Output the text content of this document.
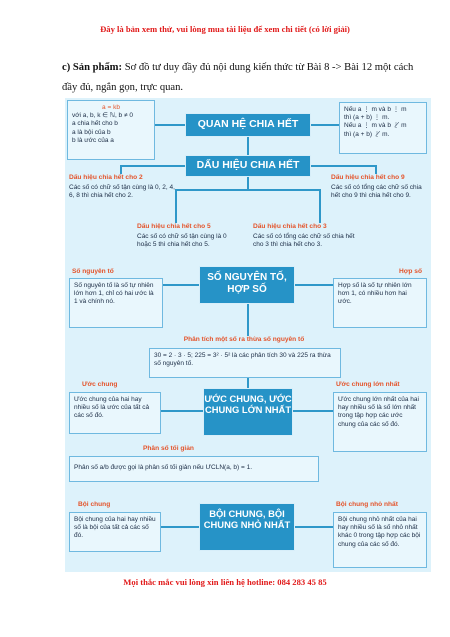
Đây là bản xem thử, vui lòng mua tài liệu để xem chi tiết (có lời giải)
c) Sản phẩm: Sơ đồ tư duy đầy đủ nội dung kiến thức từ Bài 8 -> Bài 12 một cách đầy đủ, ngắn gọn, trực quan.
a = kb
với a, b, k ∈ ℕ, b ≠ 0
a chia hết cho b
a là bội của b
b là ước của a
Nếu a ⋮ m và b ⋮ m
thì (a + b) ⋮ m.
Nếu a ⋮ m và b ⋮̸ m
thì (a + b) ⋮̸ m.
QUAN HỆ CHIA HẾT
DẤU HIỆU CHIA HẾT
Dấu hiệu chia hết cho 2
Các số có chữ số tận cùng là 0, 2, 4, 6, 8 thì chia hết cho 2.
Dấu hiệu chia hết cho 9
Các số có tổng các chữ số chia hết cho 9 thì chia hết cho 9.
Dấu hiệu chia hết cho 5
Các số có chữ số tận cùng là 0 hoặc 5 thì chia hết cho 5.
Dấu hiệu chia hết cho 3
Các số có tổng các chữ số chia hết cho 3 thì chia hết cho 3.
SỐ NGUYÊN TỐ, HỢP SỐ
Số nguyên tố
Số nguyên tố là số tự nhiên lớn hơn 1, chỉ có hai ước là 1 và chính nó.
Hợp số
Hợp số là số tự nhiên lớn hơn 1, có nhiều hơn hai ước.
Phân tích một số ra thừa số nguyên tố
30 = 2 · 3 · 5; 225 = 3² · 5² là các phân tích 30 và 225 ra thừa số nguyên tố.
ƯỚC CHUNG, ƯỚC CHUNG LỚN NHẤT
Ước chung
Ước chung của hai hay nhiều số là ước của tất cả các số đó.
Ước chung lớn nhất
Ước chung lớn nhất của hai hay nhiều số là số lớn nhất trong tập hợp các ước chung của các số đó.
Phân số tối giản
Phân số a/b được gọi là phân số tối giản nếu ƯCLN(a, b) = 1.
BỘI CHUNG, BỘI CHUNG NHỎ NHẤT
Bội chung
Bội chung của hai hay nhiều số là bội của tất cả các số đó.
Bội chung nhỏ nhất
Bội chung nhỏ nhất của hai hay nhiều số là số nhỏ nhất khác 0 trong tập hợp các bội chung của các số đó.
Mọi thắc mắc vui lòng xin liên hệ hotline: 084 283 45 85
